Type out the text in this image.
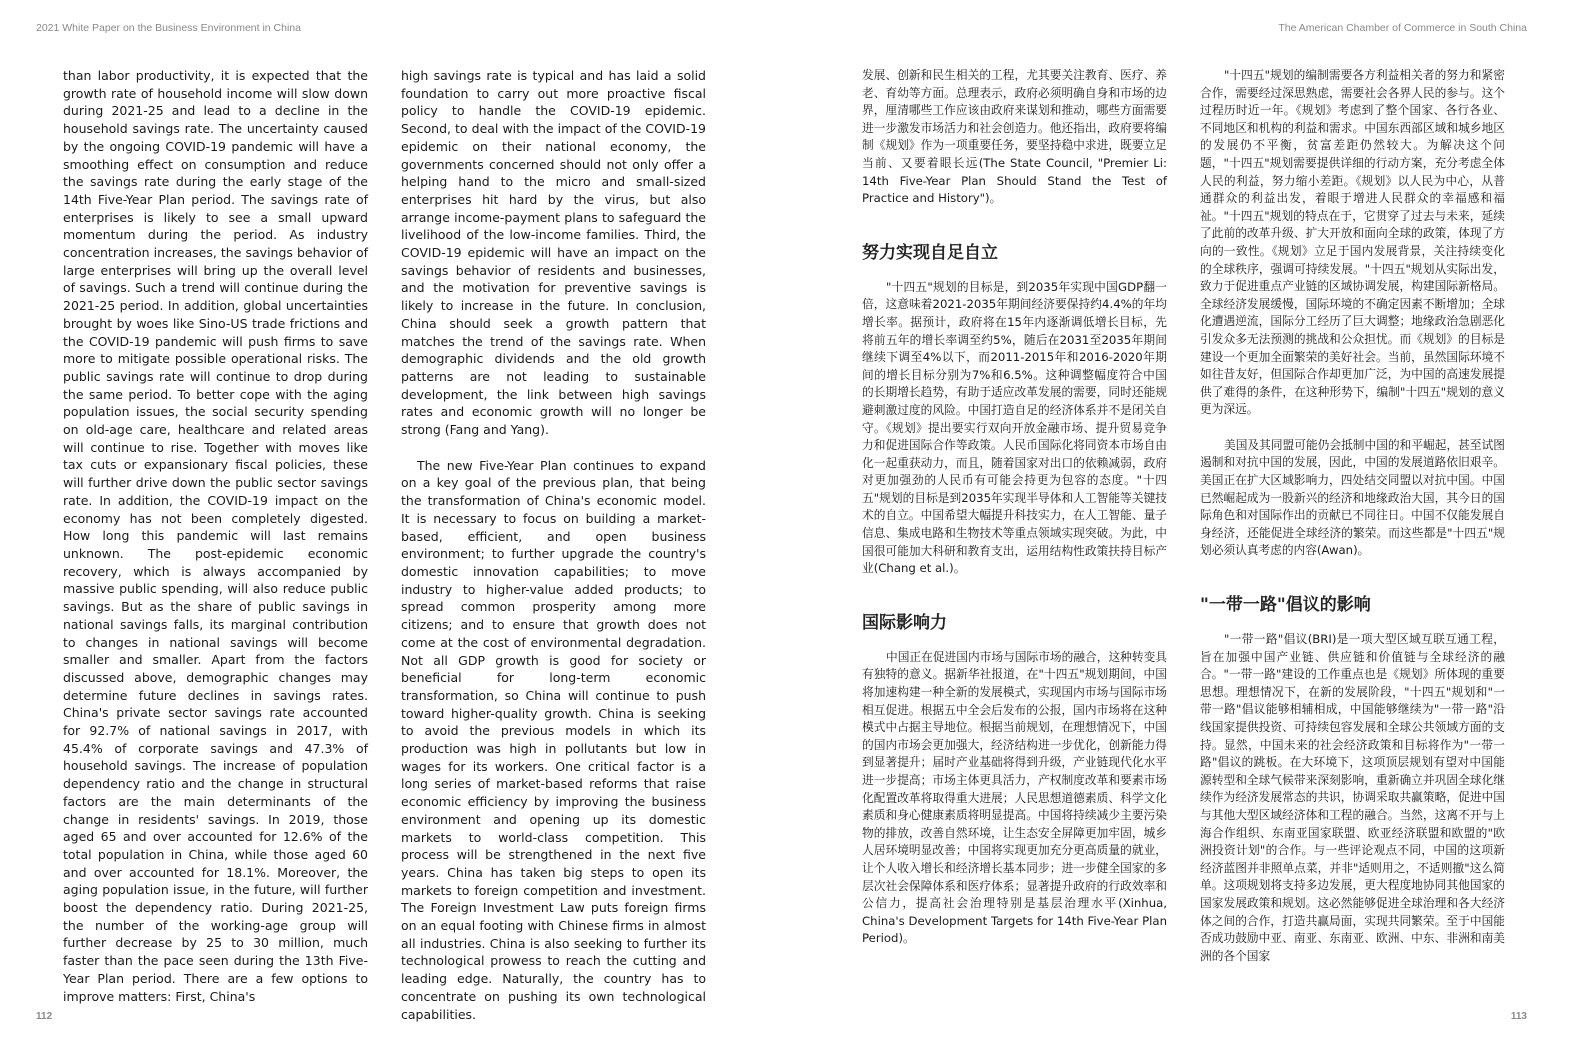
2021 White Paper on the Business Environment in China	The American Chamber of Commerce in South China

than labor productivity, it is expected that the growth rate of household income will slow down during 2021-25 and lead to a decline in the household savings rate. The uncertainty caused by the ongoing COVID-19 pandemic will have a smoothing effect on consumption and reduce the savings rate during the early stage of the 14th Five-Year Plan period. The savings rate of enterprises is likely to see a small upward momentum during the period. As industry concentration increases, the savings behavior of large enterprises will bring up the overall level of savings. Such a trend will continue during the 2021-25 period. In addition, global uncertainties brought by woes like Sino-US trade frictions and the COVID-19 pandemic will push firms to save more to mitigate possible operational risks. The public savings rate will continue to drop during the same period. To better cope with the aging population issues, the social security spending on old-age care, healthcare and related areas will continue to rise. Together with moves like tax cuts or expansionary fiscal policies, these will further drive down the public sector savings rate. In addition, the COVID-19 impact on the economy has not been completely digested. How long this pandemic will last remains unknown. The post-epidemic economic recovery, which is always accompanied by massive public spending, will also reduce public savings. But as the share of public savings in national savings falls, its marginal contribution to changes in national savings will become smaller and smaller. Apart from the factors discussed above, demographic changes may determine future declines in savings rates. China's private sector savings rate accounted for 92.7% of national savings in 2017, with 45.4% of corporate savings and 47.3% of household savings. The increase of population dependency ratio and the change in structural factors are the main determinants of the change in residents' savings. In 2019, those aged 65 and over accounted for 12.6% of the total population in China, while those aged 60 and over accounted for 18.1%. Moreover, the aging population issue, in the future, will further boost the dependency ratio. During 2021-25, the number of the working-age group will further decrease by 25 to 30 million, much faster than the pace seen during the 13th Five-Year Plan period. There are a few options to improve matters: First, China's

high savings rate is typical and has laid a solid foundation to carry out more proactive fiscal policy to handle the COVID-19 epidemic. Second, to deal with the impact of the COVID-19 epidemic on their national economy, the governments concerned should not only offer a helping hand to the micro and small-sized enterprises hit hard by the virus, but also arrange income-payment plans to safeguard the livelihood of the low-income families. Third, the COVID-19 epidemic will have an impact on the savings behavior of residents and businesses, and the motivation for preventive savings is likely to increase in the future. In conclusion, China should seek a growth pattern that matches the trend of the savings rate. When demographic dividends and the old growth patterns are not leading to sustainable development, the link between high savings rates and economic growth will no longer be strong (Fang and Yang).

The new Five-Year Plan continues to expand on a key goal of the previous plan, that being the transformation of China's economic model. It is necessary to focus on building a market-based, efficient, and open business environment; to further upgrade the country's domestic innovation capabilities; to move industry to higher-value added products; to spread common prosperity among more citizens; and to ensure that growth does not come at the cost of environmental degradation. Not all GDP growth is good for society or beneficial for long-term economic transformation, so China will continue to push toward higher-quality growth. China is seeking to avoid the previous models in which its production was high in pollutants but low in wages for its workers. One critical factor is a long series of market-based reforms that raise economic efficiency by improving the business environment and opening up its domestic markets to world-class competition. This process will be strengthened in the next five years. China has taken big steps to open its markets to foreign competition and investment. The Foreign Investment Law puts foreign firms on an equal footing with Chinese firms in almost all industries. China is also seeking to further its technological prowess to reach the cutting and leading edge. Naturally, the country has to concentrate on pushing its own technological capabilities.

发展、创新和民生相关的工程，尤其要关注教育、医疗、养老、育幼等方面。总理表示，政府必须明确自身和市场的边界，厘清哪些工作应该由政府来谋划和推动，哪些方面需要进一步激发市场活力和社会创造力。他还指出，政府要将编制《规划》作为一项重要任务，要坚持稳中求进，既要立足当前、又要着眼长远(The State Council, "Premier Li: 14th Five-Year Plan Should Stand the Test of Practice and History")。

努力实现自足自立

"十四五"规划的目标是，到2035年实现中国GDP翻一倍，这意味着2021-2035年期间经济要保持约4.4%的年均增长率。据预计，政府将在15年内逐渐调低增长目标，先将前五年的增长率调至约5%，随后在2031至2035年期间继续下调至4%以下，而2011-2015年和2016-2020年期间的增长目标分别为7%和6.5%。这种调整幅度符合中国的长期增长趋势，有助于适应改革发展的需要，同时还能规避刺激过度的风险。中国打造自足的经济体系并不是闭关自守。《规划》提出要实行双向开放金融市场、提升贸易竞争力和促进国际合作等政策。人民币国际化将同资本市场自由化一起重获动力，而且，随着国家对出口的依赖减弱，政府对更加强劲的人民币有可能会持更为包容的态度。"十四五"规划的目标是到2035年实现半导体和人工智能等关键技术的自立。中国希望大幅提升科技实力，在人工智能、量子信息、集成电路和生物技术等重点领域实现突破。为此，中国很可能加大科研和教育支出，运用结构性政策扶持目标产业(Chang et al.)。

国际影响力

中国正在促进国内市场与国际市场的融合，这种转变具有独特的意义。据新华社报道，在"十四五"规划期间，中国将加速构建一种全新的发展模式，实现国内市场与国际市场相互促进。根据五中全会后发布的公报，国内市场将在这种模式中占据主导地位。根据当前规划，在理想情况下，中国的国内市场会更加强大，经济结构进一步优化，创新能力得到显著提升；届时产业基础将得到升级，产业链现代化水平进一步提高；市场主体更具活力，产权制度改革和要素市场化配置改革将取得重大进展；人民思想道德素质、科学文化素质和身心健康素质将明显提高。中国将持续减少主要污染物的排放，改善自然环境，让生态安全屏障更加牢固，城乡人居环境明显改善；中国将实现更加充分更高质量的就业，让个人收入增长和经济增长基本同步；进一步健全国家的多层次社会保障体系和医疗体系；显著提升政府的行政效率和公信力，提高社会治理特别是基层治理水平(Xinhua, China's Development Targets for 14th Five-Year Plan Period)。

"十四五"规划的编制需要各方利益相关者的努力和紧密合作，需要经过深思熟虑，需要社会各界人民的参与。这个过程历时近一年。《规划》考虑到了整个国家、各行各业、不同地区和机构的利益和需求。中国东西部区域和城乡地区的发展仍不平衡，贫富差距仍然较大。为解决这个问题，"十四五"规划需要提供详细的行动方案，充分考虑全体人民的利益，努力缩小差距。《规划》以人民为中心，从普通群众的利益出发，着眼于增进人民群众的幸福感和福祉。"十四五"规划的特点在于，它贯穿了过去与未来，延续了此前的改革升级、扩大开放和面向全球的政策，体现了方向的一致性。《规划》立足于国内发展背景，关注持续变化的全球秩序，强调可持续发展。"十四五"规划从实际出发，致力于促进重点产业链的区域协调发展，构建国际新格局。全球经济发展缓慢，国际环境的不确定因素不断增加；全球化遭遇逆流，国际分工经历了巨大调整；地缘政治急剧恶化引发众多无法预测的挑战和公众担忧。而《规划》的目标是建设一个更加全面繁荣的美好社会。当前，虽然国际环境不如往昔友好，但国际合作却更加广泛，为中国的高速发展提供了难得的条件，在这种形势下，编制"十四五"规划的意义更为深远。

美国及其同盟可能仍会抵制中国的和平崛起，甚至试图遏制和对抗中国的发展，因此，中国的发展道路依旧艰辛。美国正在扩大区域影响力，四处结交同盟以对抗中国。中国已然崛起成为一股新兴的经济和地缘政治大国，其今日的国际角色和对国际作出的贡献已不同往日。中国不仅能发展自身经济，还能促进全球经济的繁荣。而这些都是"十四五"规划必须认真考虑的内容(Awan)。

"一带一路"倡议的影响

"一带一路"倡议(BRI)是一项大型区域互联互通工程，旨在加强中国产业链、供应链和价值链与全球经济的融合。"一带一路"建设的工作重点也是《规划》所体现的重要思想。理想情况下，在新的发展阶段，"十四五"规划和"一带一路"倡议能够相辅相成，中国能够继续为"一带一路"沿线国家提供投资、可持续包容发展和全球公共领域方面的支持。显然，中国未来的社会经济政策和目标将作为"一带一路"倡议的跳板。在大环境下，这项顶层规划有望对中国能源转型和全球气候带来深刻影响，重新确立并巩固全球化继续作为经济发展常态的共识，协调采取共赢策略，促进中国与其他大型区域经济体和工程的融合。当然，这离不开与上海合作组织、东南亚国家联盟、欧亚经济联盟和欧盟的"欧洲投资计划"的合作。与一些评论观点不同，中国的这项新经济蓝图并非照单点菜，并非"适则用之，不适则撤"这么简单。这项规划将支持多边发展，更大程度地协同其他国家的国家发展政策和规划。这必然能够促进全球治理和各大经济体之间的合作，打造共赢局面，实现共同繁荣。至于中国能否成功鼓励中亚、南亚、东南亚、欧洲、中东、非洲和南美洲的各个国家

112	113
